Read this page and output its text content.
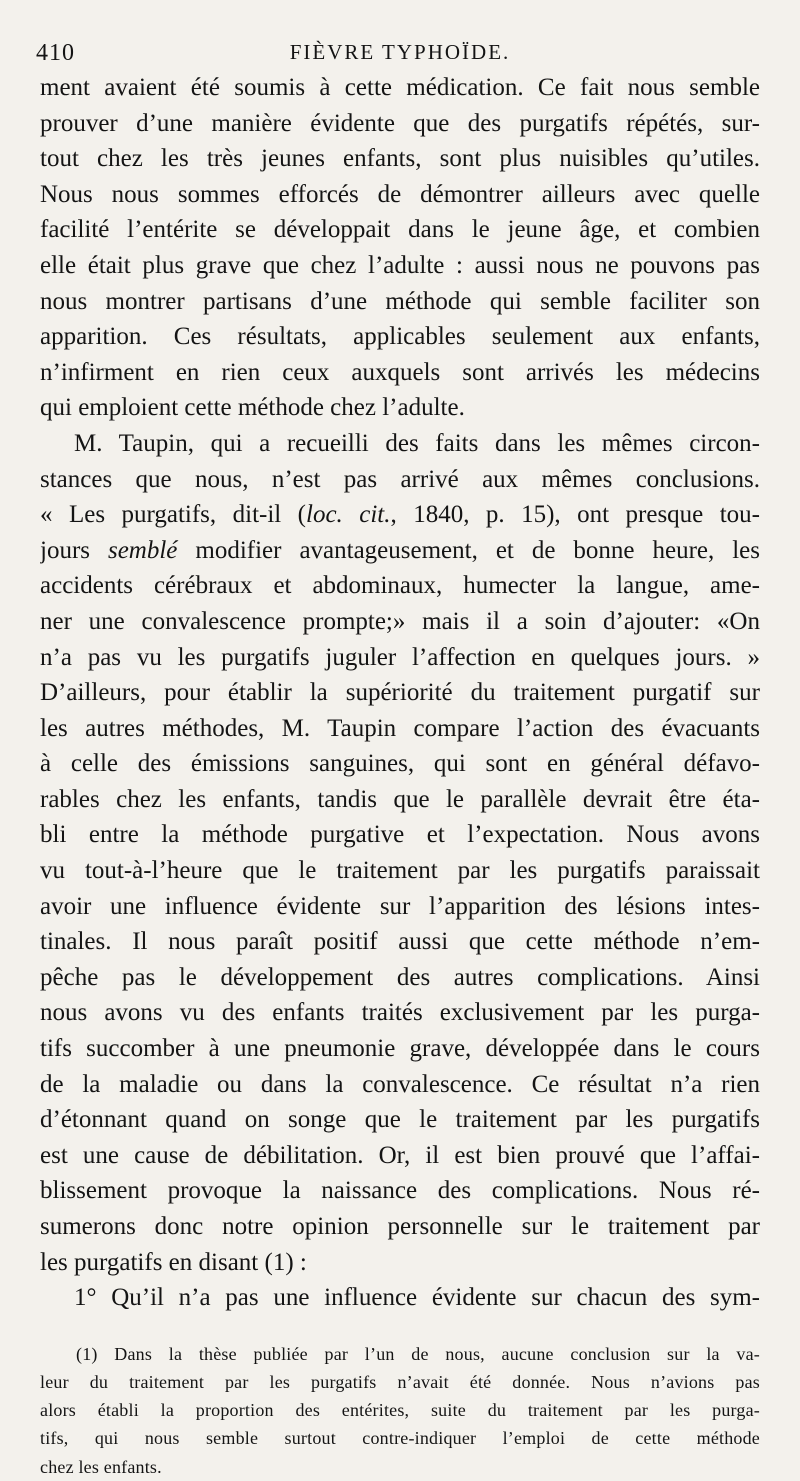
410	FIÈVRE TYPHOÏDE.
ment avaient été soumis à cette médication. Ce fait nous semble
prouver d’une manière évidente que des purgatifs répétés, sur-
tout chez les très jeunes enfants, sont plus nuisibles qu’utiles.
Nous nous sommes efforcés de démontrer ailleurs avec quelle
facilité l’entérite se développait dans le jeune âge, et combien
elle était plus grave que chez l’adulte : aussi nous ne pouvons pas
nous montrer partisans d’une méthode qui semble faciliter son
apparition. Ces résultats, applicables seulement aux enfants,
n’infirment en rien ceux auxquels sont arrivés les médecins
qui emploient cette méthode chez l’adulte.
M. Taupin, qui a recueilli des faits dans les mêmes circon-
stances que nous, n’est pas arrivé aux mêmes conclusions.
« Les purgatifs, dit-il (loc. cit., 1840, p. 15), ont presque tou-
jours semblé modifier avantageusement, et de bonne heure, les
accidents cérébraux et abdominaux, humecter la langue, ame-
ner une convalescence prompte;» mais il a soin d’ajouter: «On
n’a pas vu les purgatifs juguler l’affection en quelques jours. »
D’ailleurs, pour établir la supériorité du traitement purgatif sur
les autres méthodes, M. Taupin compare l’action des évacuants
à celle des émissions sanguines, qui sont en général défavo-
rables chez les enfants, tandis que le parallèle devrait être éta-
bli entre la méthode purgative et l’expectation. Nous avons
vu tout-à-l’heure que le traitement par les purgatifs paraissait
avoir une influence évidente sur l’apparition des lésions intes-
tinales. Il nous paraît positif aussi que cette méthode n’em-
pêche pas le développement des autres complications. Ainsi
nous avons vu des enfants traités exclusivement par les purga-
tifs succomber à une pneumonie grave, développée dans le cours
de la maladie ou dans la convalescence. Ce résultat n’a rien
d’étonnant quand on songe que le traitement par les purgatifs
est une cause de débilitation. Or, il est bien prouvé que l’affai-
blissement provoque la naissance des complications. Nous ré-
sumerons donc notre opinion personnelle sur le traitement par
les purgatifs en disant (1) :
1° Qu’il n’a pas une influence évidente sur chacun des sym-
(1) Dans la thèse publiée par l’un de nous, aucune conclusion sur la va-
leur du traitement par les purgatifs n’avait été donnée. Nous n’avions pas
alors établi la proportion des entérites, suite du traitement par les purga-
tifs, qui nous semble surtout contre-indiquer l’emploi de cette méthode
chez les enfants.
